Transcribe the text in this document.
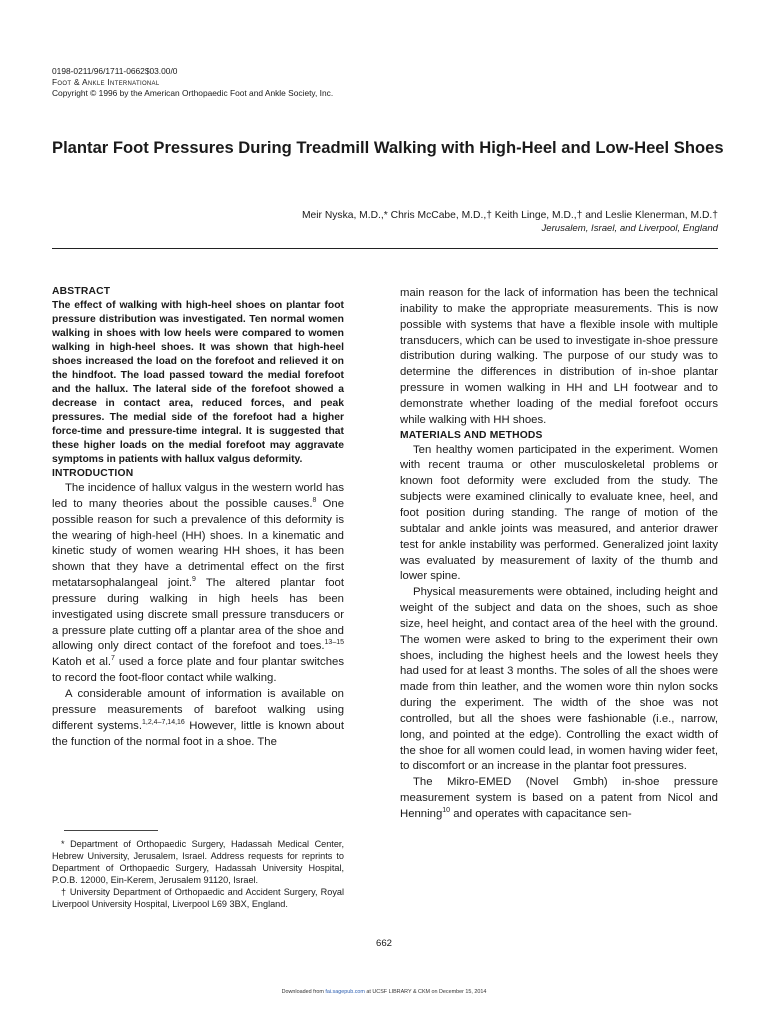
0198-0211/96/1711-0662$03.00/0
Foot & Ankle International
Copyright © 1996 by the American Orthopaedic Foot and Ankle Society, Inc.
Plantar Foot Pressures During Treadmill Walking with High-Heel and Low-Heel Shoes
Meir Nyska, M.D.,* Chris McCabe, M.D.,† Keith Linge, M.D.,† and Leslie Klenerman, M.D.†
Jerusalem, Israel, and Liverpool, England

ABSTRACT

The effect of walking with high-heel shoes on plantar foot pressure distribution was investigated. Ten normal women walking in shoes with low heels were compared to women walking in high-heel shoes. It was shown that high-heel shoes increased the load on the forefoot and relieved it on the hindfoot. The load passed toward the medial forefoot and the hallux. The lateral side of the forefoot showed a decrease in contact area, reduced forces, and peak pressures. The medial side of the forefoot had a higher force-time and pressure-time integral. It is suggested that these higher loads on the medial forefoot may aggravate symptoms in patients with hallux valgus deformity.

INTRODUCTION

The incidence of hallux valgus in the western world has led to many theories about the possible causes.$^8$ One possible reason for such a prevalence of this deformity is the wearing of high-heel (HH) shoes. In a kinematic and kinetic study of women wearing HH shoes, it has been shown that they have a detrimental effect on the first metatarsophalangeal joint.$^9$ The altered plantar foot pressure during walking in high heels has been investigated using discrete small pressure transducers or a pressure plate cutting off a plantar area of the shoe and allowing only direct contact of the forefoot and toes.$^{13-15}$ Katoh et al.$^7$ used a force plate and four plantar switches to record the foot-floor contact while walking.

A considerable amount of information is available on pressure measurements of barefoot walking using different systems.$^{1,2,4-7,14,16}$ However, little is known about the function of the normal foot in a shoe. The

main reason for the lack of information has been the technical inability to make the appropriate measurements. This is now possible with systems that have a flexible insole with multiple transducers, which can be used to investigate in-shoe pressure distribution during walking. The purpose of our study was to determine the differences in distribution of in-shoe plantar pressure in women walking in HH and LH footwear and to demonstrate whether loading of the medial forefoot occurs while walking with HH shoes.

MATERIALS AND METHODS

Ten healthy women participated in the experiment. Women with recent trauma or other musculoskeletal problems or known foot deformity were excluded from the study. The subjects were examined clinically to evaluate knee, heel, and foot position during standing. The range of motion of the subtalar and ankle joints was measured, and anterior drawer test for ankle instability was performed. Generalized joint laxity was evaluated by measurement of laxity of the thumb and lower spine.

Physical measurements were obtained, including height and weight of the subject and data on the shoes, such as shoe size, heel height, and contact area of the heel with the ground. The women were asked to bring to the experiment their own shoes, including the highest heels and the lowest heels they had used for at least 3 months. The soles of all the shoes were made from thin leather, and the women wore thin nylon socks during the experiment. The width of the shoe was not controlled, but all the shoes were fashionable (i.e., narrow, long, and pointed at the edge). Controlling the exact width of the shoe for all women could lead, in women having wider feet, to discomfort or an increase in the plantar foot pressures.

The Mikro-EMED (Novel Gmbh) in-shoe pressure measurement system is based on a patent from Nicol and Henning$^{10}$ and operates with capacitance sen-

* Department of Orthopaedic Surgery, Hadassah Medical Center, Hebrew University, Jerusalem, Israel. Address requests for reprints to Department of Orthopaedic Surgery, Hadassah University Hospital, P.O.B. 12000, Ein-Kerem, Jerusalem 91120, Israel.

† University Department of Orthopaedic and Accident Surgery, Royal Liverpool University Hospital, Liverpool L69 3BX, England.

662
Downloaded from fai.sagepub.com at UCSF LIBRARY & CKM on December 15, 2014
